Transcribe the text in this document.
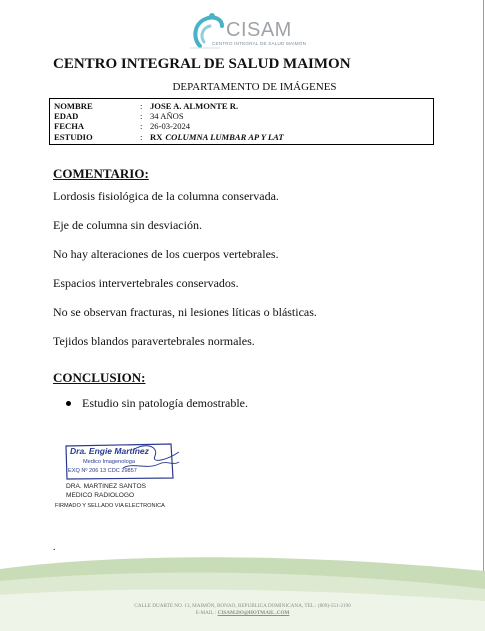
CISAM
CENTRO INTEGRAL DE SALUD MAIMON
CENTRO INTEGRAL DE SALUD MAIMON
DEPARTAMENTO DE IMÁGENES
NOMBRE	: JOSE A. ALMONTE R.
EDAD	: 34 AÑOS
FECHA	: 26-03-2024
ESTUDIO	: RX COLUMNA LUMBAR AP Y LAT
COMENTARIO:
Lordosis fisiológica de la columna conservada.
Eje de columna sin desviación.
No hay alteraciones de los cuerpos vertebrales.
Espacios intervertebrales conservados.
No se observan fracturas, ni lesiones líticas o blásticas.
Tejidos blandos paravertebrales normales.
CONCLUSION:
Estudio sin patología demostrable.
Dra. Engie Martinez
Medico Imagenologa
EXQ Nº 206 13 CDC 29857
DRA. MARTINEZ SANTOS
MEDICO RADIOLOGO
FIRMADO Y SELLADO VIA ELECTRONICA
.
CALLE DUARTE NO. 13, MAIMÓN, BONAO, REPUBLICA DOMINICANA, TEL.: (809)-551-2190
E-MAIL : CISAM.DO@HOTMAIL .COM
